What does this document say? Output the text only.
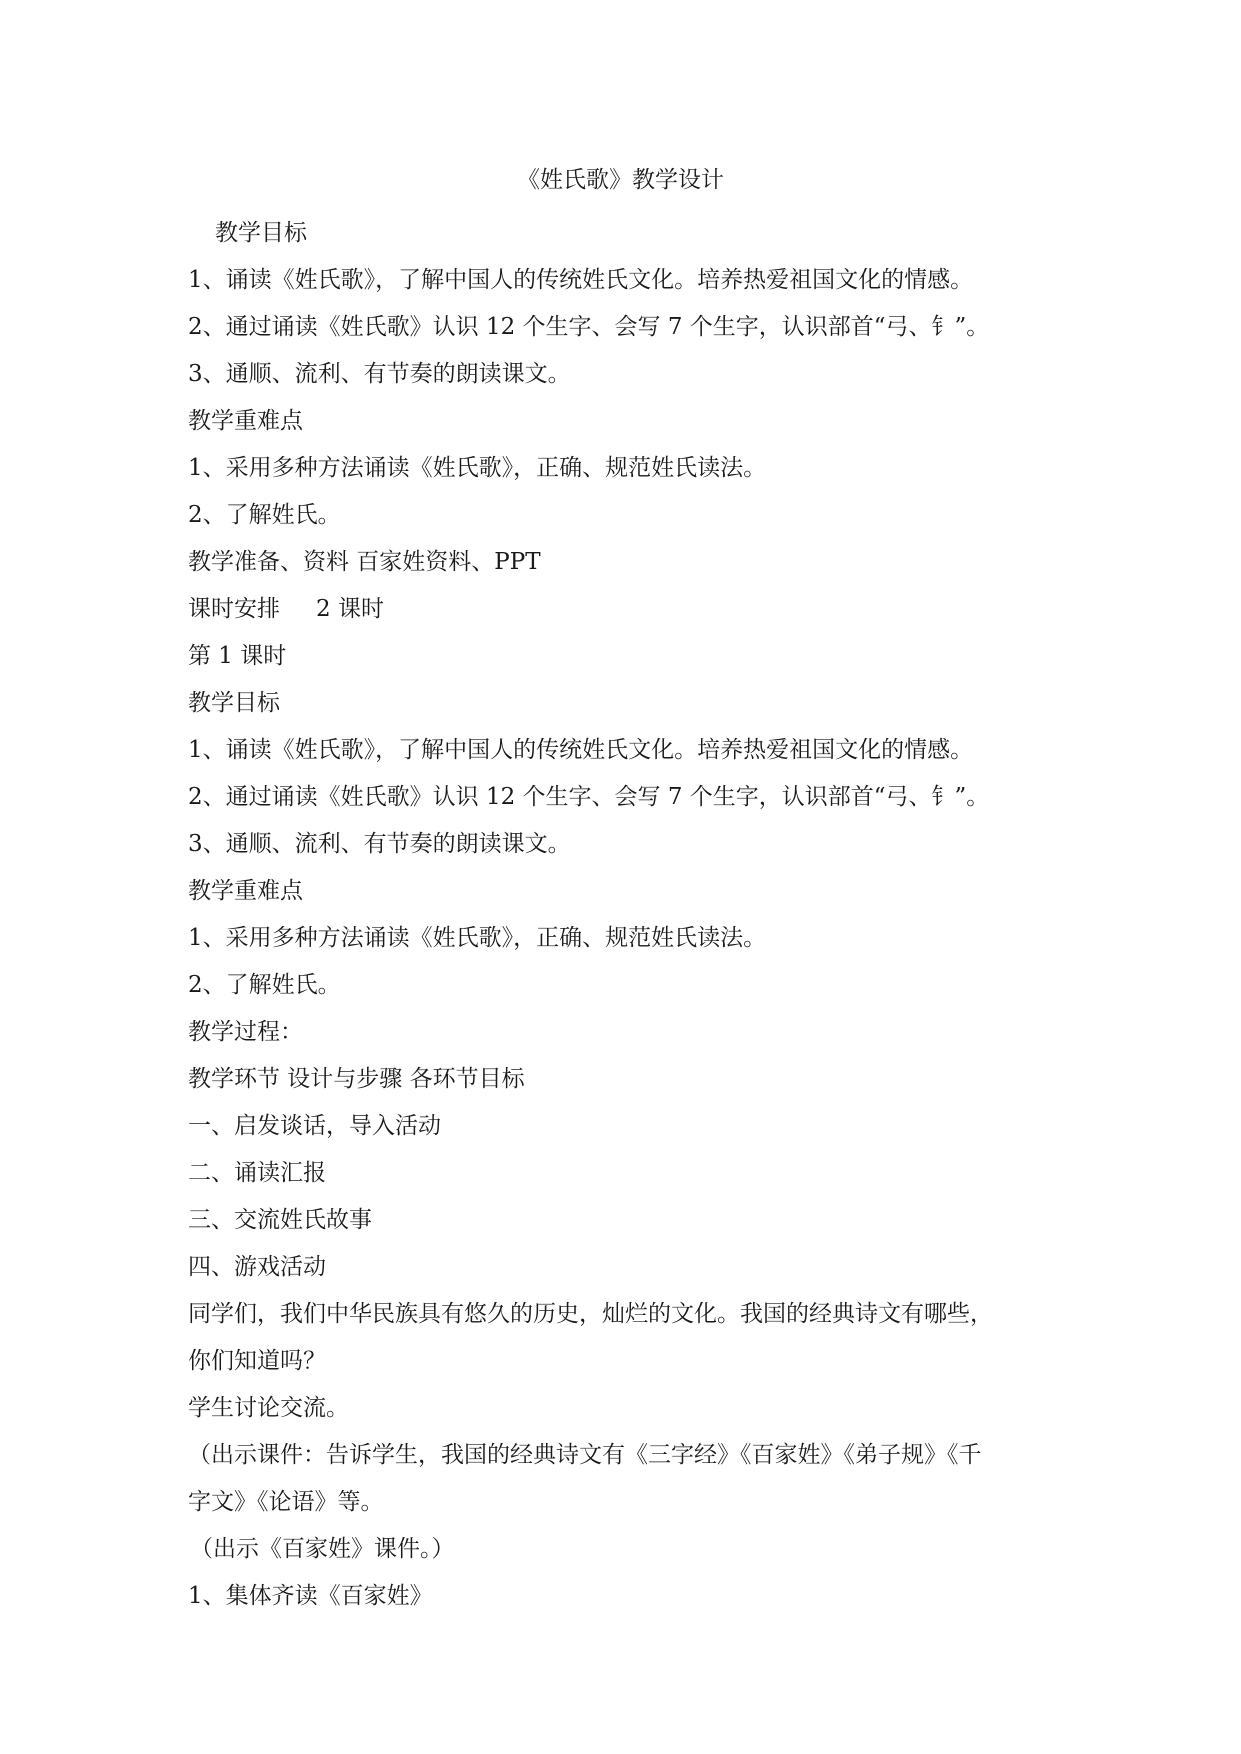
《姓氏歌》教学设计
教学目标
1、诵读《姓氏歌》，了解中国人的传统姓氏文化。培养热爱祖国文化的情感。
2、通过诵读《姓氏歌》认识 12 个生字、会写 7 个生字，认识部首“弓、钅”。
3、通顺、流利、有节奏的朗读课文。
教学重难点
1、采用多种方法诵读《姓氏歌》，正确、规范姓氏读法。
2、了解姓氏。
教学准备、资料 百家姓资料、PPT
课时安排 2 课时
第 1 课时
教学目标
1、诵读《姓氏歌》，了解中国人的传统姓氏文化。培养热爱祖国文化的情感。
2、通过诵读《姓氏歌》认识 12 个生字、会写 7 个生字，认识部首“弓、钅”。
3、通顺、流利、有节奏的朗读课文。
教学重难点
1、采用多种方法诵读《姓氏歌》，正确、规范姓氏读法。
2、了解姓氏。
教学过程：
教学环节 设计与步骤 各环节目标
一、启发谈话，导入活动
二、诵读汇报
三、交流姓氏故事
四、游戏活动
同学们，我们中华民族具有悠久的历史，灿烂的文化。我国的经典诗文有哪些，
你们知道吗？
学生讨论交流。
（出示课件：告诉学生，我国的经典诗文有《三字经》《百家姓》《弟子规》《千
字文》《论语》等。
（出示《百家姓》课件。）
1、集体齐读《百家姓》
